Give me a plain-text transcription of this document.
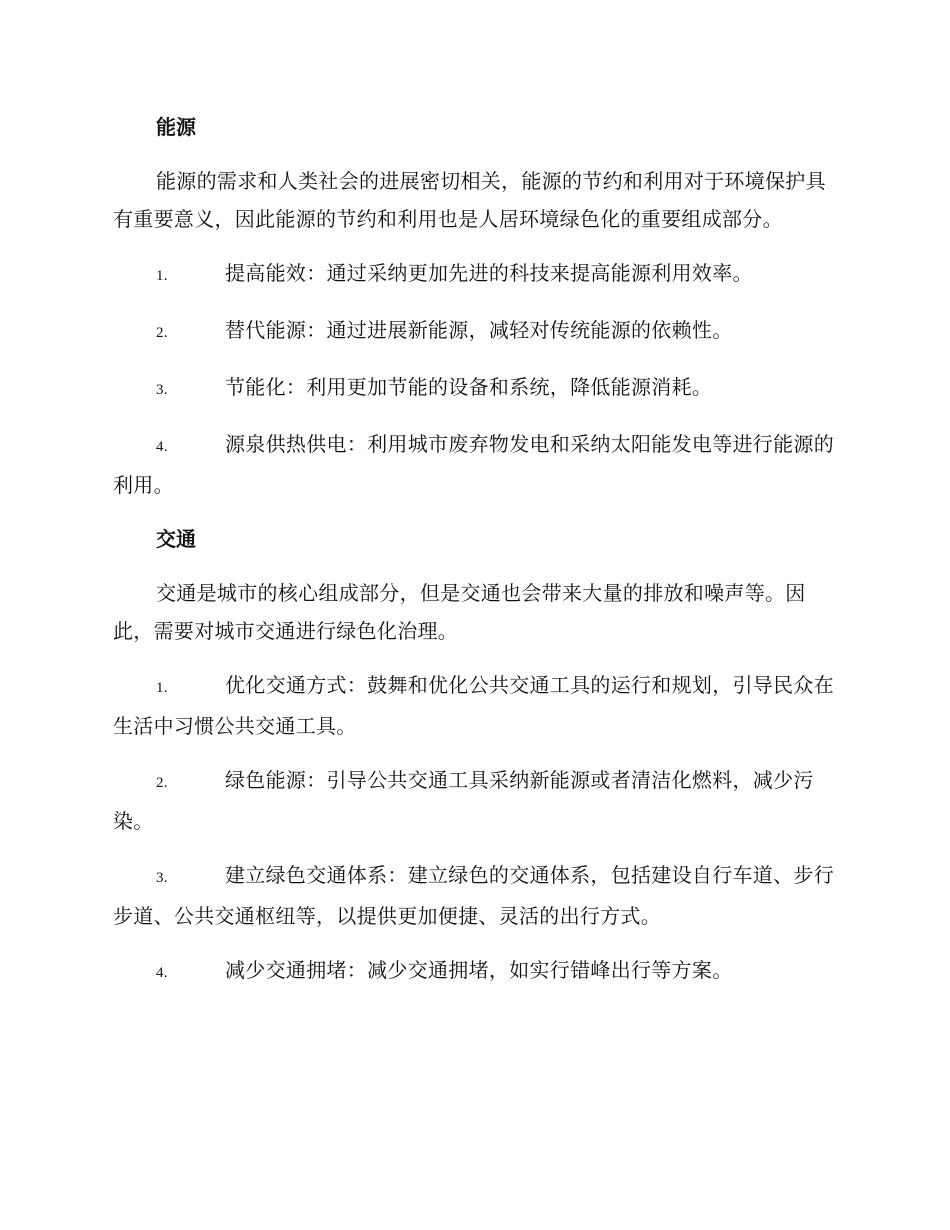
能源

能源的需求和人类社会的进展密切相关，能源的节约和利用对于环境保护具有重要意义，因此能源的节约和利用也是人居环境绿色化的重要组成部分。

1.	提高能效：通过采纳更加先进的科技来提高能源利用效率。

2.	替代能源：通过进展新能源，减轻对传统能源的依赖性。

3.	节能化：利用更加节能的设备和系统，降低能源消耗。

4.	源泉供热供电：利用城市废弃物发电和采纳太阳能发电等进行能源的利用。

交通

交通是城市的核心组成部分，但是交通也会带来大量的排放和噪声等。因此，需要对城市交通进行绿色化治理。

1.	优化交通方式：鼓舞和优化公共交通工具的运行和规划，引导民众在生活中习惯公共交通工具。

2.	绿色能源：引导公共交通工具采纳新能源或者清洁化燃料，减少污染。

3.	建立绿色交通体系：建立绿色的交通体系，包括建设自行车道、步行步道、公共交通枢纽等，以提供更加便捷、灵活的出行方式。

4.	减少交通拥堵：减少交通拥堵，如实行错峰出行等方案。
